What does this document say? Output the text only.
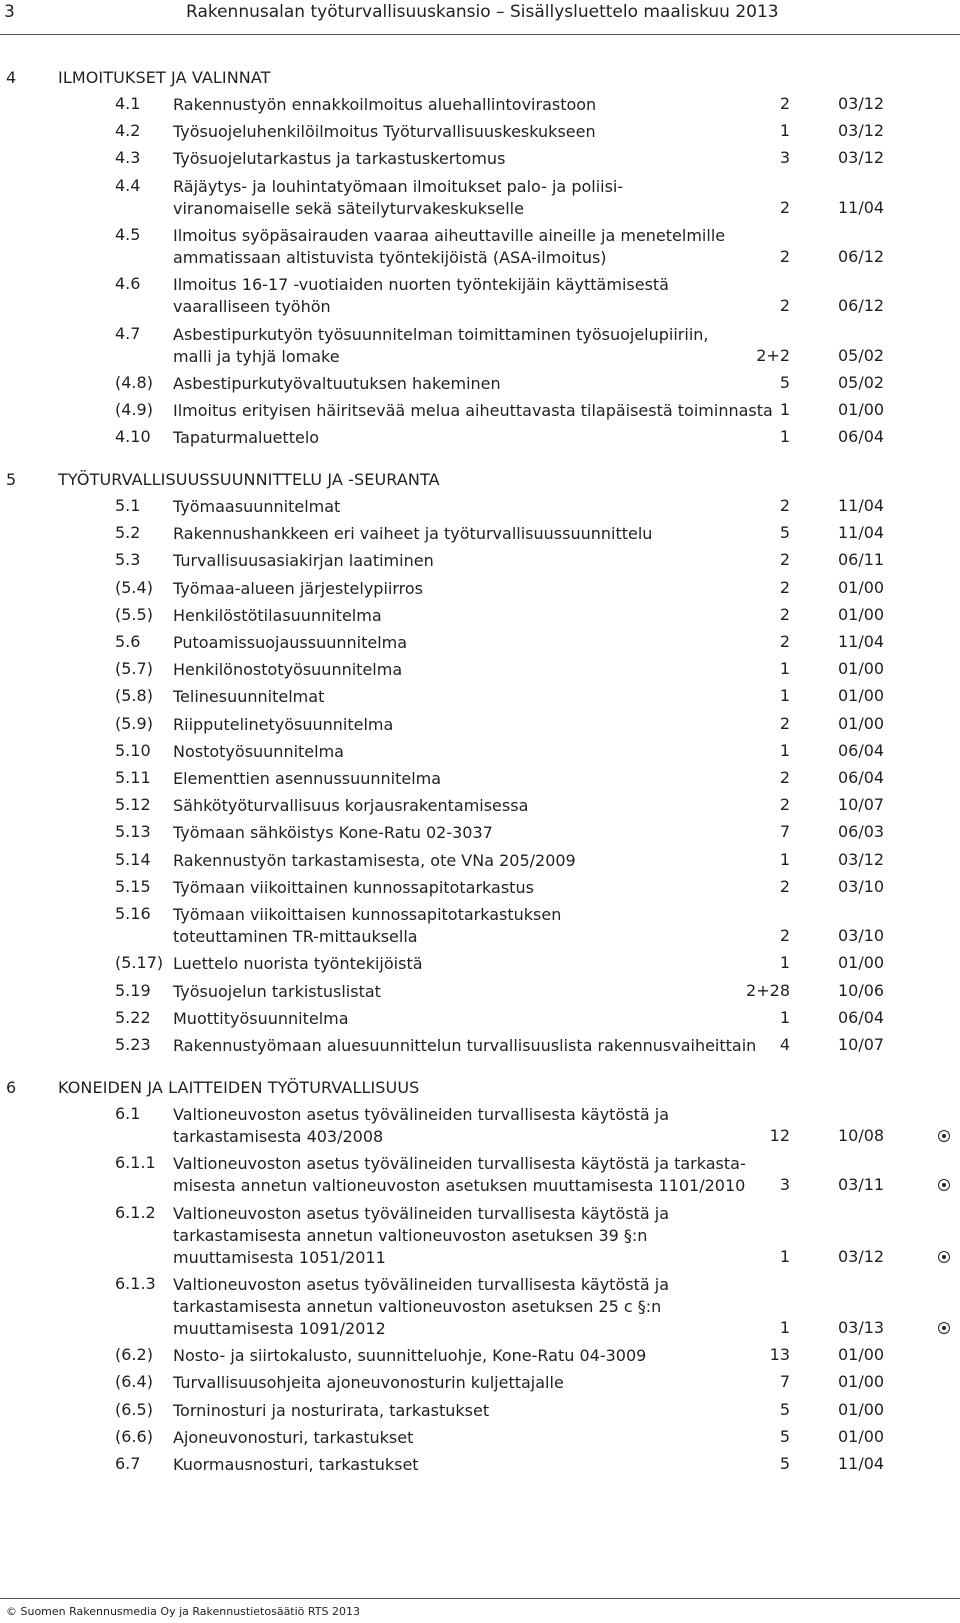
3	Rakennusalan työturvallisuuskansio – Sisällysluettelo maaliskuu 2013
4	ILMOITUKSET JA VALINNAT
4.1 Rakennustyön ennakkoilmoitus aluehallintovirastoon	2	03/12
4.2 Työsuojeluhenkilöilmoitus Työturvallisuuskeskukseen	1	03/12
4.3 Työsuojelutarkastus ja tarkastuskertomus	3	03/12
4.4 Räjäytys- ja louhintatyömaan ilmoitukset palo- ja poliisi-
viranomaiselle sekä säteilyturvakeskukselle	2	11/04
4.5 Ilmoitus syöpäsairauden vaaraa aiheuttaville aineille ja menetelmille
ammatissaan altistuvista työntekijöistä (ASA-ilmoitus)	2	06/12
4.6 Ilmoitus 16-17 -vuotiaiden nuorten työntekijäin käyttämisestä
vaaralliseen työhön	2	06/12
4.7 Asbestipurkutyön työsuunnitelman toimittaminen työsuojelupiiriin,
malli ja tyhjä lomake	2+2	05/02
(4.8) Asbestipurkutyövaltuutuksen hakeminen	5	05/02
(4.9) Ilmoitus erityisen häiritsevää melua aiheuttavasta tilapäisestä toiminnasta 1	01/00
4.10 Tapaturmaluettelo	1	06/04
5	TYÖTURVALLISUUSSUUNNITTELU JA -SEURANTA
5.1 Työmaasuunnitelmat	2	11/04
5.2 Rakennushankkeen eri vaiheet ja työturvallisuussuunnittelu	5	11/04
5.3 Turvallisuusasiakirjan laatiminen	2	06/11
(5.4) Työmaa-alueen järjestelypiirros	2	01/00
(5.5) Henkilöstötilasuunnitelma	2	01/00
5.6 Putoamissuojaussuunnitelma	2	11/04
(5.7) Henkilönostotyösuunnitelma	1	01/00
(5.8) Telinesuunnitelmat	1	01/00
(5.9) Riipputelinetyösuunnitelma	2	01/00
5.10 Nostotyösuunnitelma	1	06/04
5.11 Elementtien asennussuunnitelma	2	06/04
5.12 Sähkötyöturvallisuus korjausrakentamisessa	2	10/07
5.13 Työmaan sähköistys Kone-Ratu 02-3037	7	06/03
5.14 Rakennustyön tarkastamisesta, ote VNa 205/2009	1	03/12
5.15 Työmaan viikoittainen kunnossapitotarkastus	2	03/10
5.16 Työmaan viikoittaisen kunnossapitotarkastuksen
toteuttaminen TR-mittauksella	2	03/10
(5.17) Luettelo nuorista työntekijöistä	1	01/00
5.19 Työsuojelun tarkistuslistat	2+28	10/06
5.22 Muottityösuunnitelma	1	06/04
5.23 Rakennustyömaan aluesuunnittelun turvallisuuslista rakennusvaiheittain	4	10/07
6	KONEIDEN JA LAITTEIDEN TYÖTURVALLISUUS
6.1 Valtioneuvoston asetus työvälineiden turvallisesta käytöstä ja
tarkastamisesta 403/2008	12	10/08
6.1.1 Valtioneuvoston asetus työvälineiden turvallisesta käytöstä ja tarkasta-
misesta annetun valtioneuvoston asetuksen muuttamisesta 1101/2010	3	03/11
6.1.2 Valtioneuvoston asetus työvälineiden turvallisesta käytöstä ja
tarkastamisesta annetun valtioneuvoston asetuksen 39 §:n
muuttamisesta 1051/2011	1	03/12
6.1.3 Valtioneuvoston asetus työvälineiden turvallisesta käytöstä ja
tarkastamisesta annetun valtioneuvoston asetuksen 25 c §:n
muuttamisesta 1091/2012	1	03/13
(6.2) Nosto- ja siirtokalusto, suunnitteluohje, Kone-Ratu 04-3009	13	01/00
(6.4) Turvallisuusohjeita ajoneuvonosturin kuljettajalle	7	01/00
(6.5) Torninosturi ja nosturirata, tarkastukset	5	01/00
(6.6) Ajoneuvonosturi, tarkastukset	5	01/00
6.7 Kuormausnosturi, tarkastukset	5	11/04
© Suomen Rakennusmedia Oy ja Rakennustietosäätiö RTS 2013
